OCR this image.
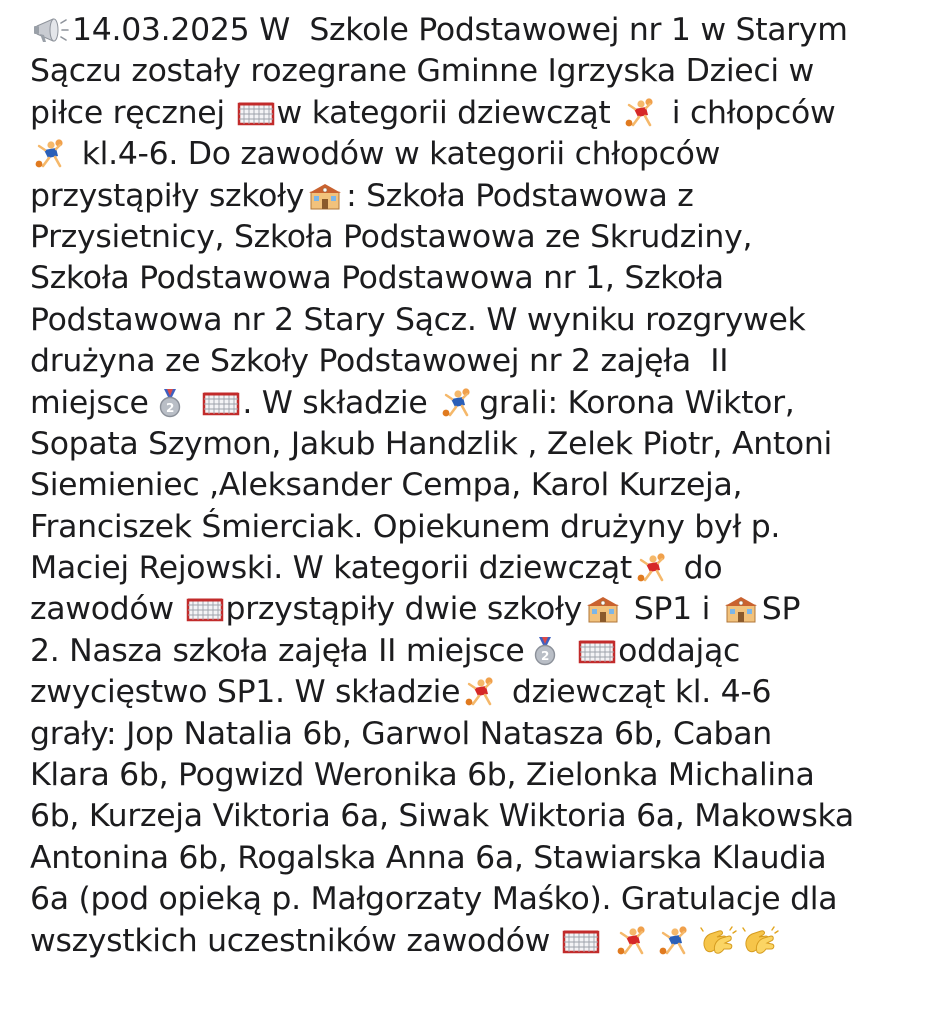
14.03.2025 W  Szkole Podstawowej nr 1 w Starym
Sączu zostały rozegrane Gminne Igrzyska Dzieci w
piłce ręcznej
w kategorii dziewcząt
i chłopców
kl.4-6. Do zawodów w kategorii chłopców
przystąpiły szkoły : Szkoła Podstawowa z
Przysietnicy, Szkoła Podstawowa ze Skrudziny,
Szkoła Podstawowa Podstawowa nr 1, Szkoła
Podstawowa nr 2 Stary Sącz. W wyniku rozgrywek
drużyna ze Szkoły Podstawowej nr 2 zajęła  II
miejsce 2
. W składzie
grali: Korona Wiktor,
Sopata Szymon, Jakub Handzlik , Zelek Piotr, Antoni
Siemieniec ,Aleksander Cempa, Karol Kurzeja,
Franciszek Śmierciak. Opiekunem drużyny był p.
Maciej Rejowski. W kategorii dziewcząt
do
zawodów
przystąpiły dwie szkoły
SP1 i
SP
2. Nasza szkoła zajęła II miejsce 2
oddając
zwycięstwo SP1. W składzie
dziewcząt kl. 4-6
grały: Jop Natalia 6b, Garwol Natasza 6b, Caban
Klara 6b, Pogwizd Weronika 6b, Zielonka Michalina
6b, Kurzeja Viktoria 6a, Siwak Wiktoria 6a, Makowska
Antonina 6b, Rogalska Anna 6a, Stawiarska Klaudia
6a (pod opieką p. Małgorzaty Maśko). Gratulacje dla
wszystkich uczestników zawodów
